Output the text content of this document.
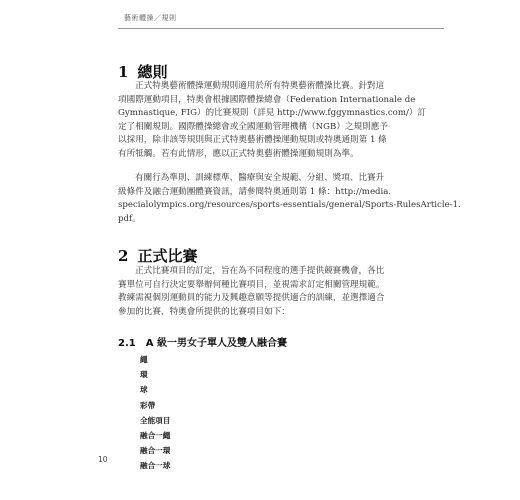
藝術體操／規則
1 總則
正式特奧藝術體操運動規則適用於所有特奧藝術體操比賽。針對這
項國際運動項目，特奧會根據國際體操總會（Federation Internationale de
Gymnastique, FIG）的比賽規則（詳見 http://www.fggymnastics.com/）訂
定了相關規則。國際體操總會或全國運動管理機構（NGB）之規則應予
以採用，除非該等規則與正式特奧藝術體操運動規則或特奧通則第 1 條
有所牴觸。若有此情形，應以正式特奧藝術體操運動規則為準。
有關行為準則、訓練標準、醫療與安全規範、分組、獎項、比賽升
級條件及融合運動團體賽資訊，請參閱特奧通則第 1 條：http://media.
specialolympics.org/resources/sports-essentials/general/Sports-RulesArticle-1.
pdf。
2 正式比賽
正式比賽項目的訂定，旨在為不同程度的選手提供競賽機會，各比
賽單位可自行決定要舉辦何種比賽項目，並視需求訂定相關管理規範。
教練需視個別運動員的能力及興趣意願等提供適合的訓練，並選擇適合
參加的比賽，特奧會所提供的比賽項目如下：
2.1 A 級一男女子單人及雙人融合賽
繩
環
球
彩帶
全能項目
融合一繩
融合一環
融合一球
10
